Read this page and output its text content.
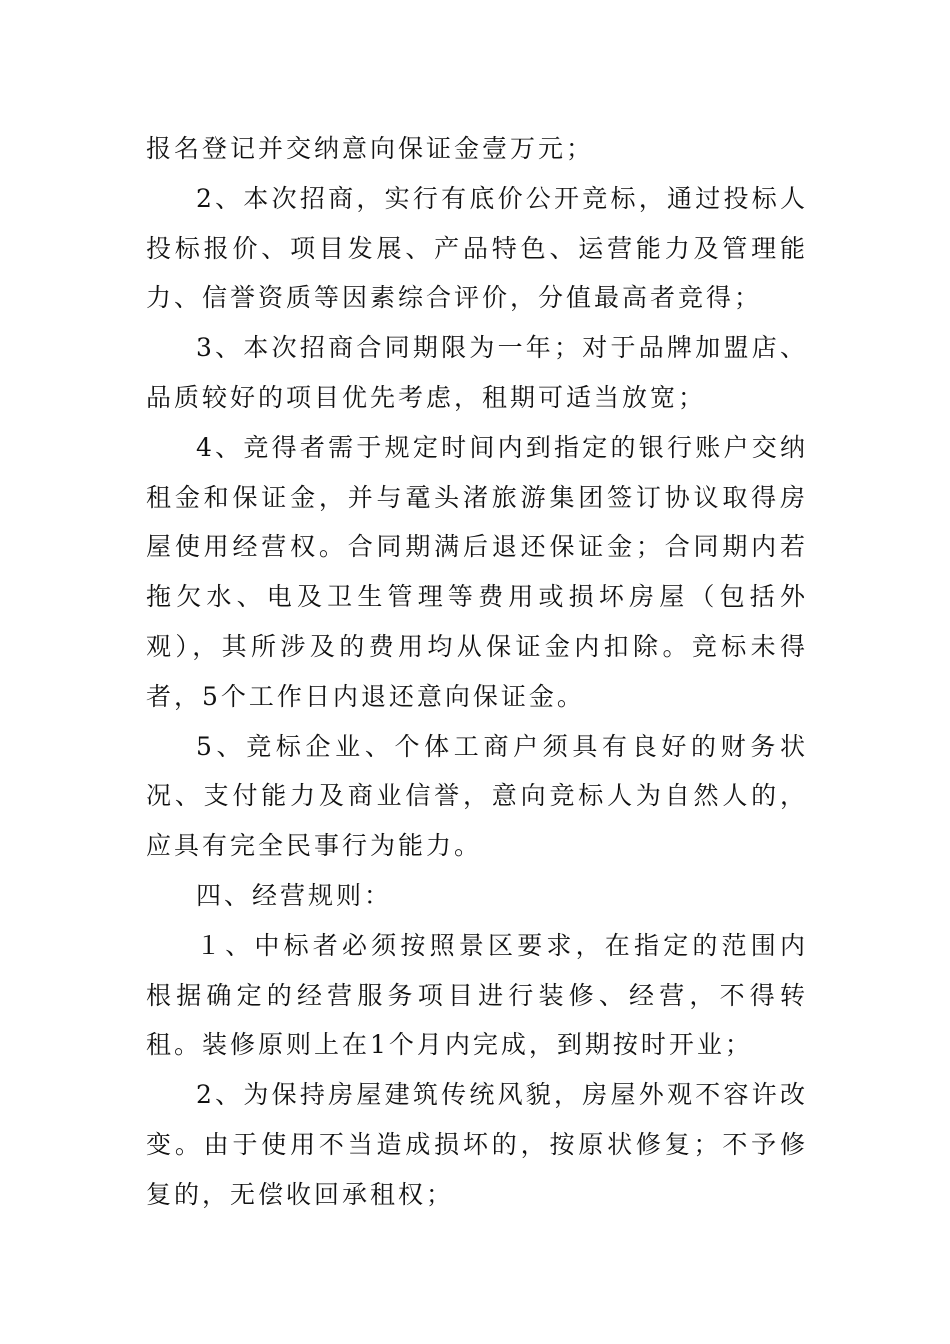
报名登记并交纳意向保证金壹万元；

2、本次招商，实行有底价公开竞标，通过投标人投标报价、项目发展、产品特色、运营能力及管理能力、信誉资质等因素综合评价，分值最高者竞得；

3、本次招商合同期限为一年；对于品牌加盟店、品质较好的项目优先考虑，租期可适当放宽；

4、竞得者需于规定时间内到指定的银行账户交纳租金和保证金，并与鼋头渚旅游集团签订协议取得房屋使用经营权。合同期满后退还保证金；合同期内若拖欠水、电及卫生管理等费用或损坏房屋（包括外观），其所涉及的费用均从保证金内扣除。竞标未得者，5个工作日内退还意向保证金。

5、竞标企业、个体工商户须具有良好的财务状况、支付能力及商业信誉，意向竞标人为自然人的，应具有完全民事行为能力。

四、经营规则：

１、中标者必须按照景区要求，在指定的范围内根据确定的经营服务项目进行装修、经营，不得转租。装修原则上在1个月内完成，到期按时开业；

2、为保持房屋建筑传统风貌，房屋外观不容许改变。由于使用不当造成损坏的，按原状修复；不予修复的，无偿收回承租权；
